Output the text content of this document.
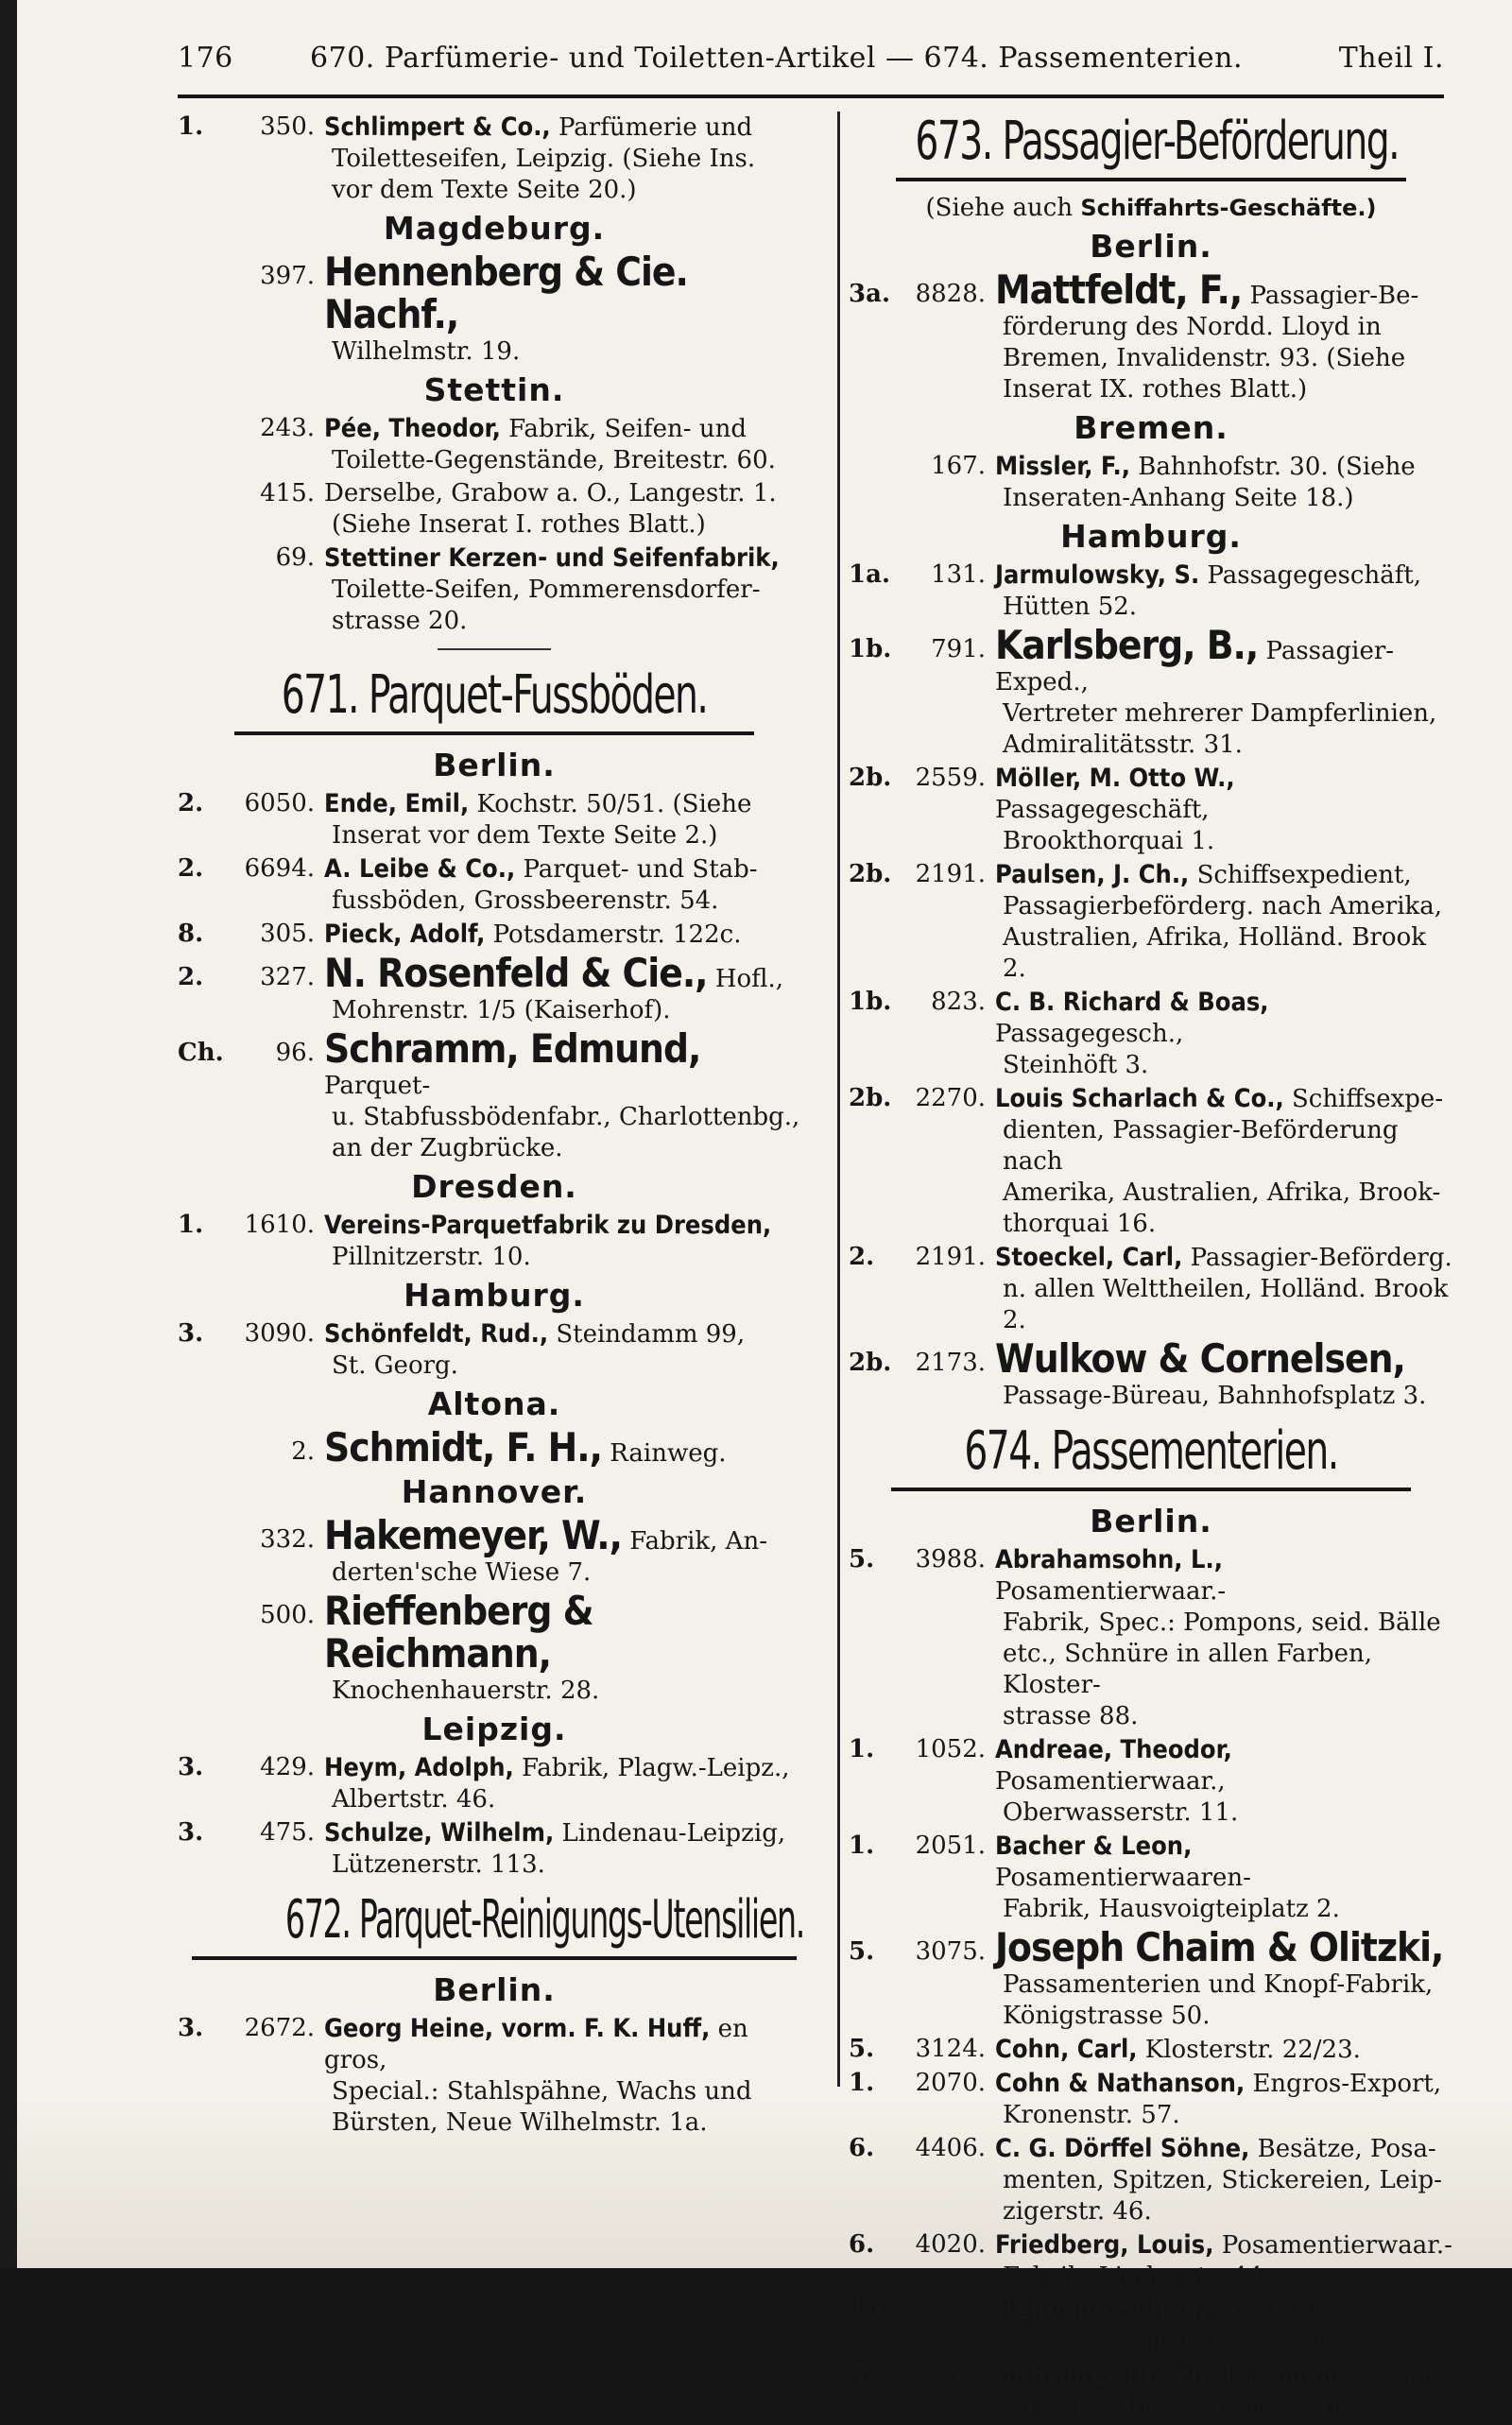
176	670. Parfümerie- und Toiletten-Artikel — 674. Passementerien.	Theil I.
1.	350. Schlimpert & Co., Parfümerie und
Toiletteseifen, Leipzig. (Siehe Ins.
vor dem Texte Seite 20.)
Magdeburg.
397. Hennenberg & Cie. Nachf.,
Wilhelmstr. 19.
Stettin.
243. Pée, Theodor, Fabrik, Seifen- und
Toilette-Gegenstände, Breitestr. 60.
415. Derselbe, Grabow a. O., Langestr. 1.
(Siehe Inserat I. rothes Blatt.)
69. Stettiner Kerzen- und Seifenfabrik,
Toilette-Seifen, Pommerensdorfer-
strasse 20.
671. Parquet-Fussböden.
Berlin.
2.	6050. Ende, Emil, Kochstr. 50/51. (Siehe
Inserat vor dem Texte Seite 2.)
2.	6694. A. Leibe & Co., Parquet- und Stab-
fussböden, Grossbeerenstr. 54.
8.	305. Pieck, Adolf, Potsdamerstr. 122c.
2.	327. N. Rosenfeld & Cie., Hofl.,
Mohrenstr. 1/5 (Kaiserhof).
Ch.	96. Schramm, Edmund, Parquet-
u. Stabfussbödenfabr., Charlottenbg.,
an der Zugbrücke.
Dresden.
1.	1610. Vereins-Parquetfabrik zu Dresden,
Pillnitzerstr. 10.
Hamburg.
3.	3090. Schönfeldt, Rud., Steindamm 99,
St. Georg.
Altona.
2. Schmidt, F. H., Rainweg.
Hannover.
332. Hakemeyer, W., Fabrik, An-
derten'sche Wiese 7.
500. Rieffenberg & Reichmann,
Knochenhauerstr. 28.
Leipzig.
3.	429. Heym, Adolph, Fabrik, Plagw.-Leipz.,
Albertstr. 46.
3.	475. Schulze, Wilhelm, Lindenau-Leipzig,
Lützenerstr. 113.
672. Parquet-Reinigungs-Utensilien.
Berlin.
3.	2672. Georg Heine, vorm. F. K. Huff, en gros,
Special.: Stahlspähne, Wachs und
Bürsten, Neue Wilhelmstr. 1a.
673. Passagier-Beförderung.
(Siehe auch Schiffahrts-Geschäfte.)
Berlin.
3a.	8828. Mattfeldt, F., Passagier-Be-
förderung des Nordd. Lloyd in
Bremen, Invalidenstr. 93. (Siehe
Inserat IX. rothes Blatt.)
Bremen.
167. Missler, F., Bahnhofstr. 30. (Siehe
Inseraten-Anhang Seite 18.)
Hamburg.
1a.	131. Jarmulowsky, S. Passagegeschäft,
Hütten 52.
1b.	791. Karlsberg, B., Passagier-Exped.,
Vertreter mehrerer Dampferlinien,
Admiralitätsstr. 31.
2b. 2559. Möller, M. Otto W., Passagegeschäft,
Brookthorquai 1.
2b. 2191. Paulsen, J. Ch., Schiffsexpedient,
Passagierbeförderg. nach Amerika,
Australien, Afrika, Holländ. Brook 2.
1b.	823. C. B. Richard & Boas, Passagegesch.,
Steinhöft 3.
2b. 2270. Louis Scharlach & Co., Schiffsexpe-
dienten, Passagier-Beförderung nach
Amerika, Australien, Afrika, Brook-
thorquai 16.
2.	2191. Stoeckel, Carl, Passagier-Beförderg.
n. allen Welttheilen, Holländ. Brook 2.
2b. 2173. Wulkow & Cornelsen,
Passage-Büreau, Bahnhofsplatz 3.
674. Passementerien.
Berlin.
5.	3988. Abrahamsohn, L., Posamentierwaar.-
Fabrik, Spec.: Pompons, seid. Bälle
etc., Schnüre in allen Farben, Kloster-
strasse 88.
1.	1052. Andreae, Theodor, Posamentierwaar.,
Oberwasserstr. 11.
1.	2051. Bacher & Leon, Posamentierwaaren-
Fabrik, Hausvoigteiplatz 2.
5.	3075. Joseph Chaim & Olitzki,
Passamenterien und Knopf-Fabrik,
Königstrasse 50.
5.	3124. Cohn, Carl, Klosterstr. 22/23.
1.	2070. Cohn & Nathanson, Engros-Export,
Kronenstr. 57.
6.	4406. C. G. Dörffel Söhne, Besätze, Posa-
menten, Spitzen, Stickereien, Leip-
zigerstr. 46.
6.	4020. Friedberg, Louis, Posamentierwaar.-
Fabrik, Lindenstr. 44
1a.	7527. Heimann Söhne, Posamentier-Kurz-
waaren en gros, Kronenstr. 32.
5.	3361. Gebrüder Hirsch, Posamentierwaar.
en gros, Hoher Steinweg 6/7.
